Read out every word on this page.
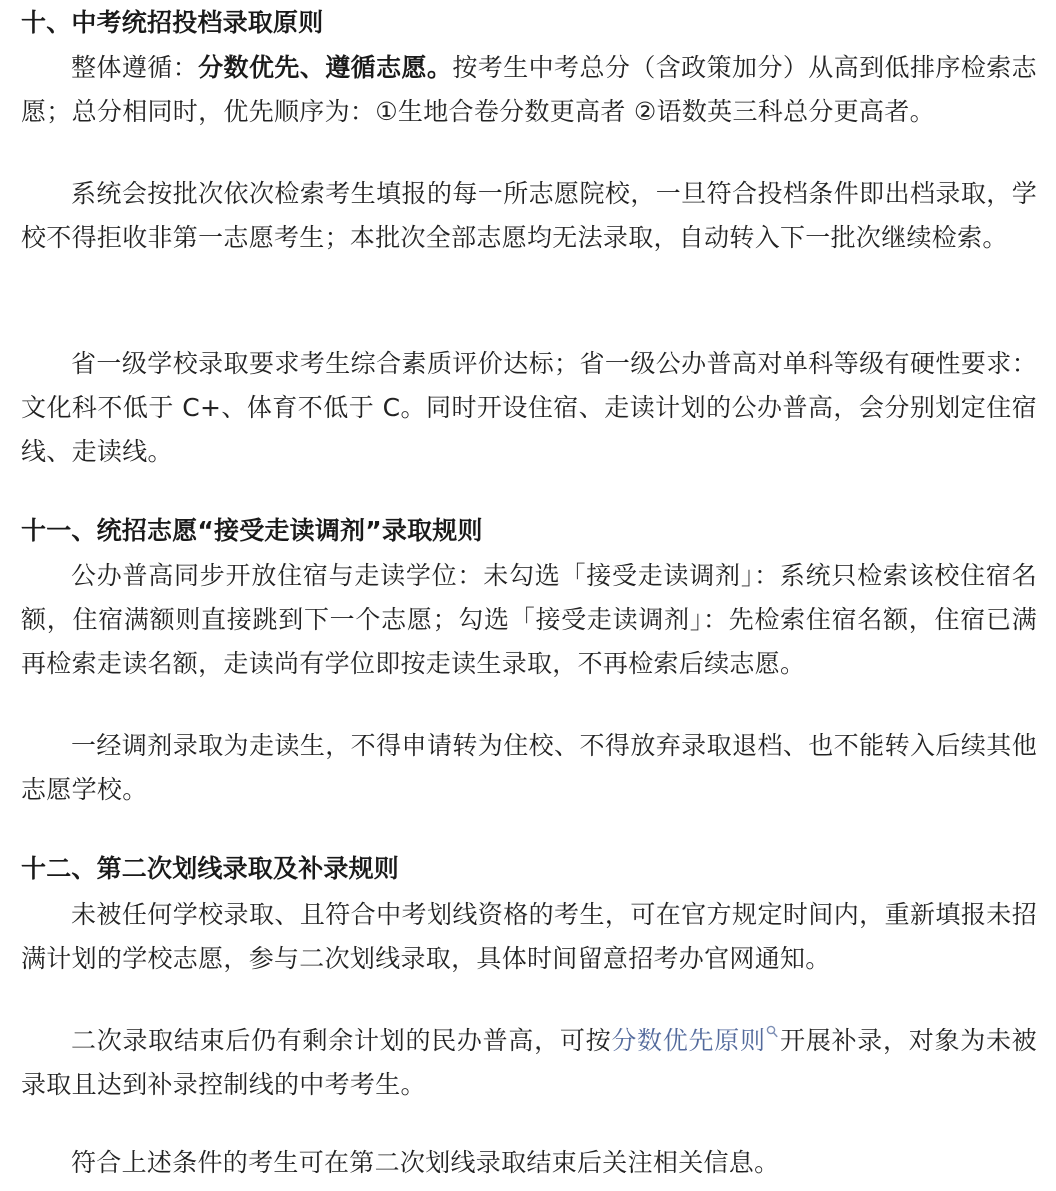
十、中考统招投档录取原则

整体遵循：分数优先、遵循志愿。按考生中考总分（含政策加分）从高到低排序检索志愿；总分相同时，优先顺序为：①生地合卷分数更高者 ②语数英三科总分更高者。

系统会按批次依次检索考生填报的每一所志愿院校，一旦符合投档条件即出档录取，学校不得拒收非第一志愿考生；本批次全部志愿均无法录取，自动转入下一批次继续检索。

省一级学校录取要求考生综合素质评价达标；省一级公办普高对单科等级有硬性要求：文化科不低于 C+、体育不低于 C。同时开设住宿、走读计划的公办普高，会分别划定住宿线、走读线。

十一、统招志愿“接受走读调剂”录取规则

公办普高同步开放住宿与走读学位：未勾选「接受走读调剂」：系统只检索该校住宿名额，住宿满额则直接跳到下一个志愿；勾选「接受走读调剂」：先检索住宿名额，住宿已满再检索走读名额，走读尚有学位即按走读生录取，不再检索后续志愿。

一经调剂录取为走读生，不得申请转为住校、不得放弃录取退档、也不能转入后续其他志愿学校。

十二、第二次划线录取及补录规则

未被任何学校录取、且符合中考划线资格的考生，可在官方规定时间内，重新填报未招满计划的学校志愿，参与二次划线录取，具体时间留意招考办官网通知。

二次录取结束后仍有剩余计划的民办普高，可按分数优先原则 开展补录，对象为未被录取且达到补录控制线的中考考生。

符合上述条件的考生可在第二次划线录取结束后关注相关信息。
